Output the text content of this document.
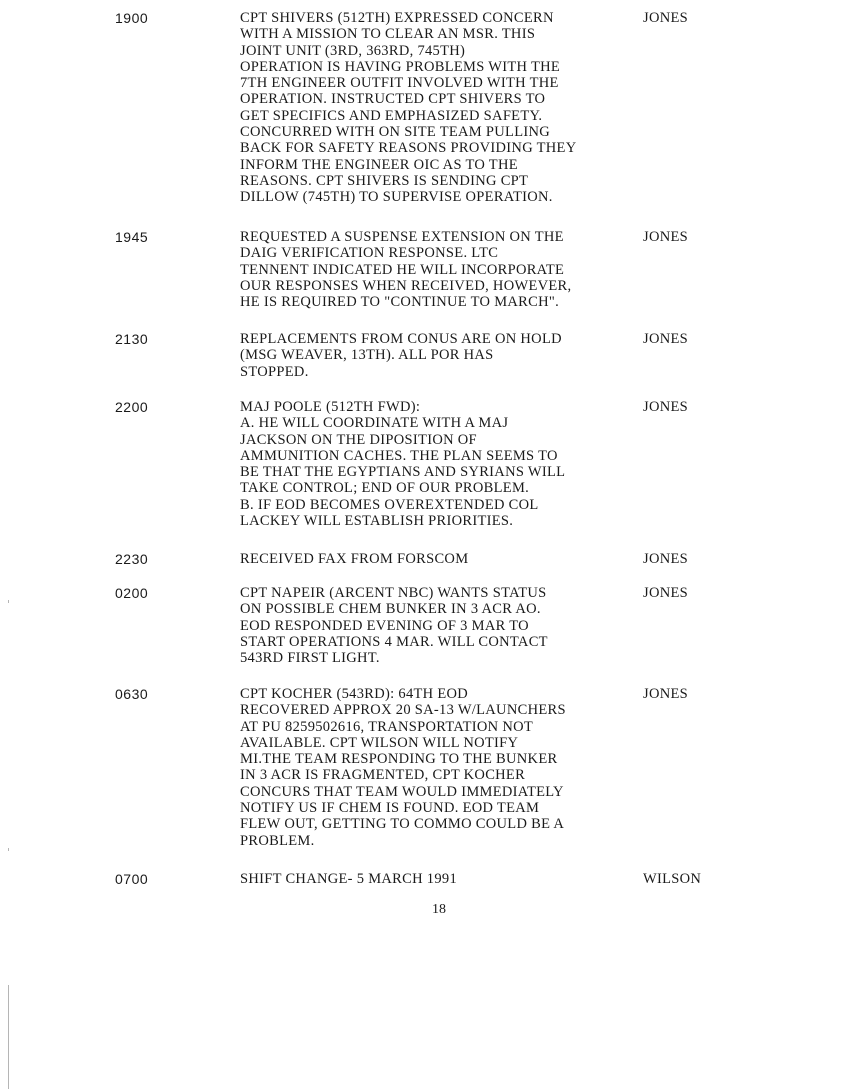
1900	CPT SHIVERS (512TH) EXPRESSED CONCERN
WITH A MISSION TO CLEAR AN MSR. THIS
JOINT UNIT (3RD, 363RD, 745TH)
OPERATION IS HAVING PROBLEMS WITH THE
7TH ENGINEER OUTFIT INVOLVED WITH THE
OPERATION. INSTRUCTED CPT SHIVERS TO
GET SPECIFICS AND EMPHASIZED SAFETY.
CONCURRED WITH ON SITE TEAM PULLING
BACK FOR SAFETY REASONS PROVIDING THEY
INFORM THE ENGINEER OIC AS TO THE
REASONS. CPT SHIVERS IS SENDING CPT
DILLOW (745TH) TO SUPERVISE OPERATION.
JONES
1945	REQUESTED A SUSPENSE EXTENSION ON THE
DAIG VERIFICATION RESPONSE. LTC
TENNENT INDICATED HE WILL INCORPORATE
OUR RESPONSES WHEN RECEIVED, HOWEVER,
HE IS REQUIRED TO "CONTINUE TO MARCH".
JONES
2130	REPLACEMENTS FROM CONUS ARE ON HOLD
(MSG WEAVER, 13TH). ALL POR HAS
STOPPED.
JONES
2200	MAJ POOLE (512TH FWD):
A. HE WILL COORDINATE WITH A MAJ
JACKSON ON THE DIPOSITION OF
AMMUNITION CACHES. THE PLAN SEEMS TO
BE THAT THE EGYPTIANS AND SYRIANS WILL
TAKE CONTROL; END OF OUR PROBLEM.
B. IF EOD BECOMES OVEREXTENDED COL
LACKEY WILL ESTABLISH PRIORITIES.
JONES
2230	RECEIVED FAX FROM FORSCOM	JONES
0200	CPT NAPEIR (ARCENT NBC) WANTS STATUS
ON POSSIBLE CHEM BUNKER IN 3 ACR AO.
EOD RESPONDED EVENING OF 3 MAR TO
START OPERATIONS 4 MAR. WILL CONTACT
543RD FIRST LIGHT.
JONES
0630	CPT KOCHER (543RD): 64TH EOD
RECOVERED APPROX 20 SA-13 W/LAUNCHERS
AT PU 8259502616, TRANSPORTATION NOT
AVAILABLE. CPT WILSON WILL NOTIFY
MI.THE TEAM RESPONDING TO THE BUNKER
IN 3 ACR IS FRAGMENTED, CPT KOCHER
CONCURS THAT TEAM WOULD IMMEDIATELY
NOTIFY US IF CHEM IS FOUND. EOD TEAM
FLEW OUT, GETTING TO COMMO COULD BE A
PROBLEM.
JONES
0700	SHIFT CHANGE- 5 MARCH 1991	WILSON
18
